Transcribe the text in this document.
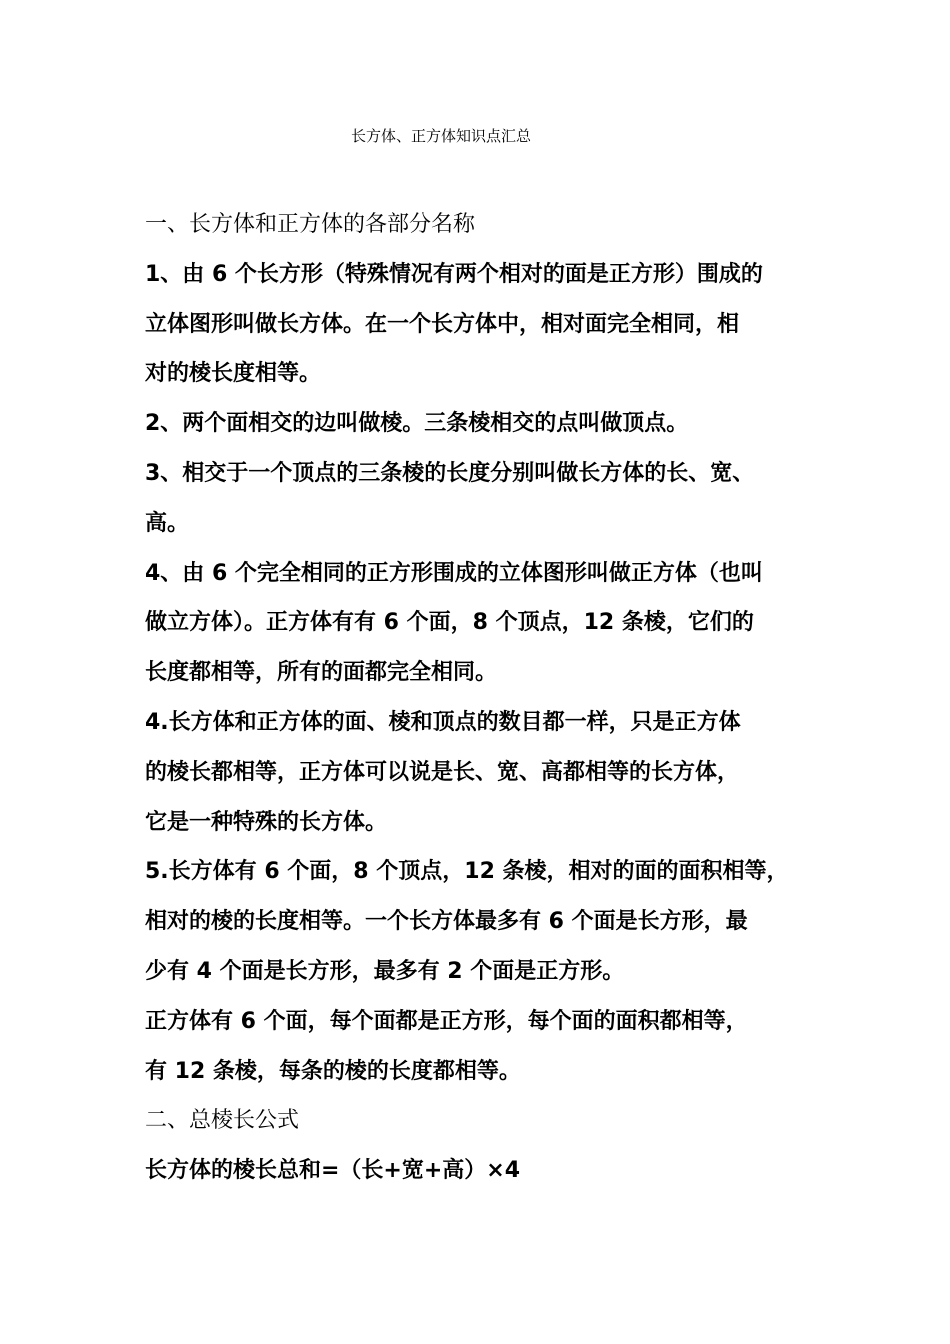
长方体、正方体知识点汇总
一、长方体和正方体的各部分名称
1、由 6 个长方形（特殊情况有两个相对的面是正方形）围成的
立体图形叫做长方体。在一个长方体中，相对面完全相同，相
对的棱长度相等。
2、两个面相交的边叫做棱。三条棱相交的点叫做顶点。
3、相交于一个顶点的三条棱的长度分别叫做长方体的长、宽、
高。
4、由 6 个完全相同的正方形围成的立体图形叫做正方体（也叫
做立方体）。正方体有有 6 个面，8 个顶点，12 条棱，它们的
长度都相等，所有的面都完全相同。
4.长方体和正方体的面、棱和顶点的数目都一样，只是正方体
的棱长都相等，正方体可以说是长、宽、高都相等的长方体，
它是一种特殊的长方体。
5.长方体有 6 个面，8 个顶点，12 条棱，相对的面的面积相等，
相对的棱的长度相等。一个长方体最多有 6 个面是长方形，最
少有 4 个面是长方形，最多有 2 个面是正方形。
正方体有 6 个面，每个面都是正方形，每个面的面积都相等，
有 12 条棱，每条的棱的长度都相等。
二、总棱长公式
长方体的棱长总和=（长+宽+高）×4
